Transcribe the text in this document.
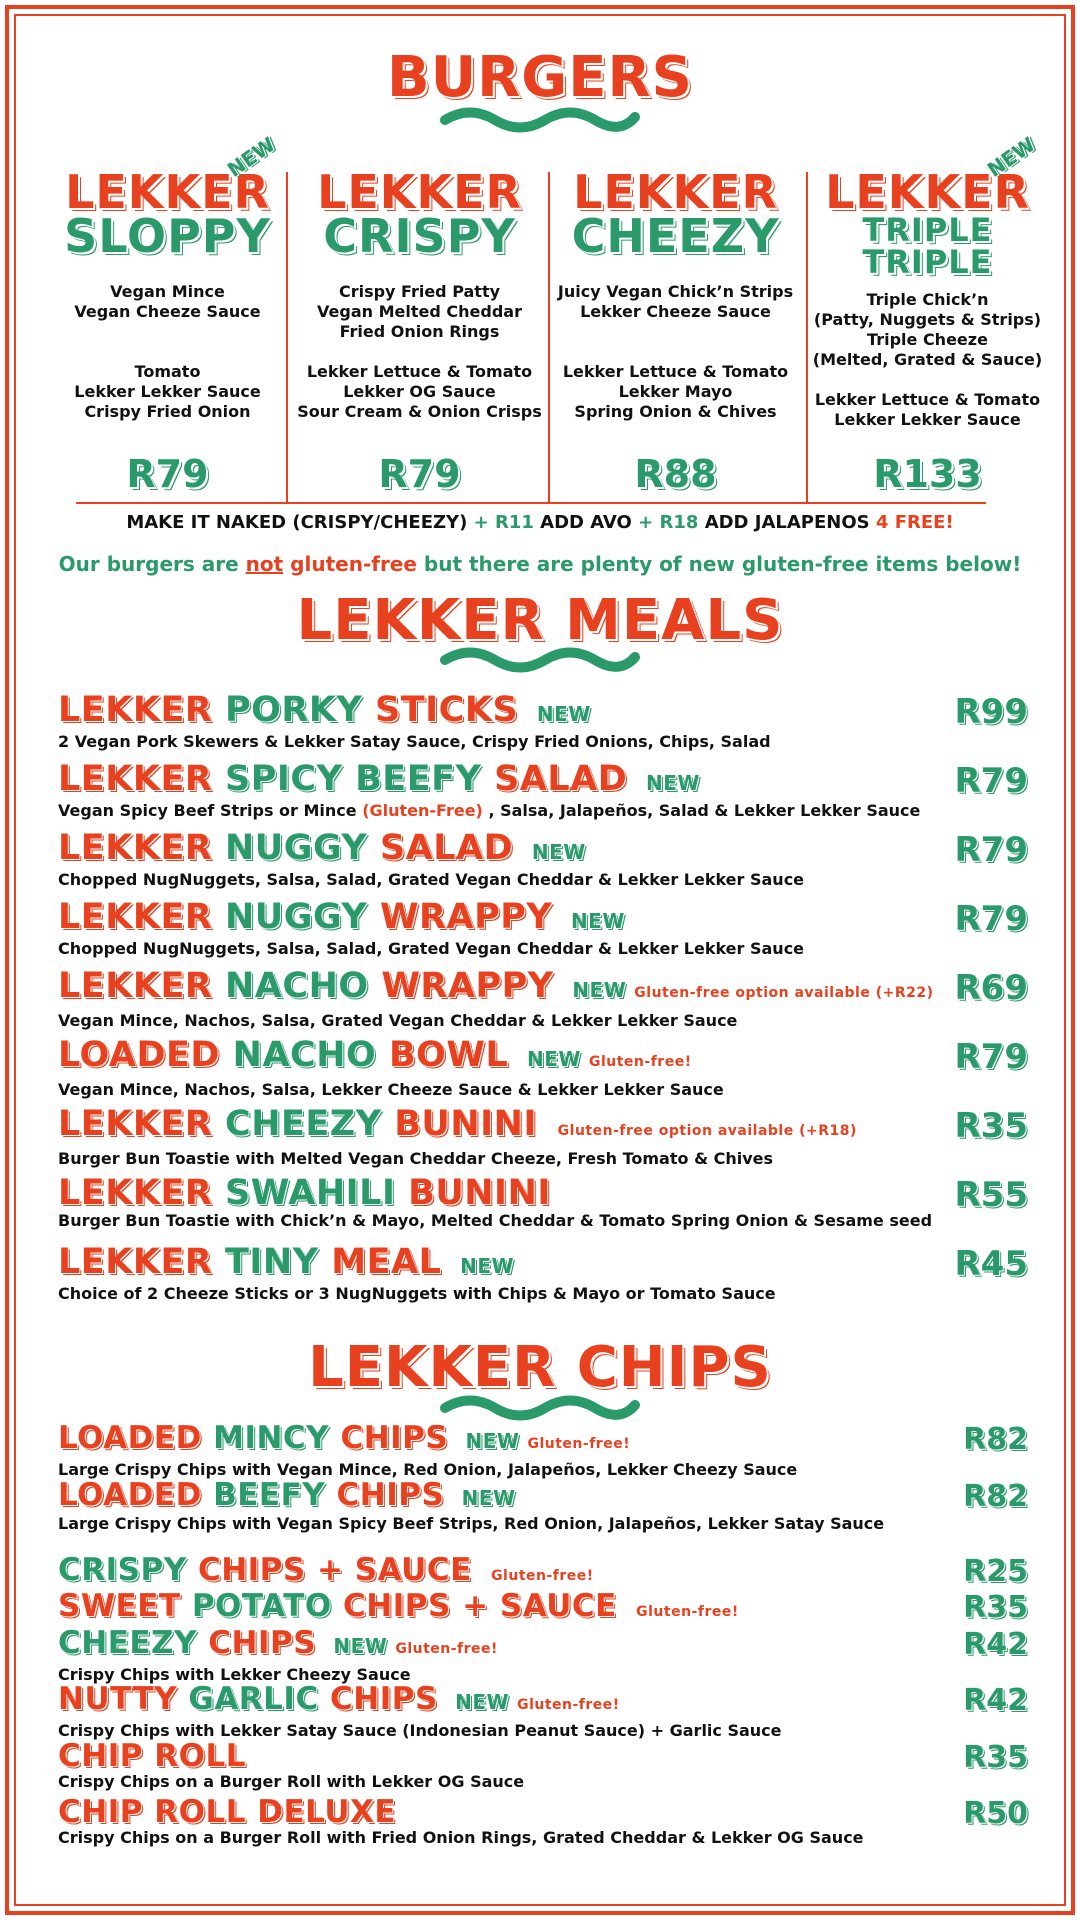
BURGERS
LEKKER
SLOPPY
Vegan Mince
Vegan Cheeze Sauce
Tomato
Lekker Lekker Sauce
Crispy Fried Onion
R79
NEW
LEKKER
CRISPY
Crispy Fried Patty
Vegan Melted Cheddar
Fried Onion Rings
Lekker Lettuce & Tomato
Lekker OG Sauce
Sour Cream & Onion Crisps
R79
LEKKER
CHEEZY
Juicy Vegan Chick’n Strips
Lekker Cheeze Sauce
Lekker Lettuce & Tomato
Lekker Mayo
Spring Onion & Chives
R88
LEKKER
TRIPLE
TRIPLE
Triple Chick’n
(Patty, Nuggets & Strips)
Triple Cheeze
(Melted, Grated & Sauce)
Lekker Lettuce & Tomato
Lekker Lekker Sauce
R133
NEW
MAKE IT NAKED (CRISPY/CHEEZY) + R11 ADD AVO + R18 ADD JALAPENOS 4 FREE!
Our burgers are not gluten-free but there are plenty of new gluten-free items below!
LEKKER MEALS
LEKKER PORKY STICKS NEW
2 Vegan Pork Skewers & Lekker Satay Sauce, Crispy Fried Onions, Chips, Salad
R99
LEKKER SPICY BEEFY SALAD NEW
Vegan Spicy Beef Strips or Mince (Gluten-Free) , Salsa, Jalapeños, Salad & Lekker Lekker Sauce
R79
LEKKER NUGGY SALAD NEW
Chopped NugNuggets, Salsa, Salad, Grated Vegan Cheddar & Lekker Lekker Sauce
R79
LEKKER NUGGY WRAPPY NEW
Chopped NugNuggets, Salsa, Salad, Grated Vegan Cheddar & Lekker Lekker Sauce
R79
LEKKER NACHO WRAPPY NEW Gluten-free option available (+R22)
Vegan Mince, Nachos, Salsa, Grated Vegan Cheddar & Lekker Lekker Sauce
R69
LOADED NACHO BOWL NEW Gluten-free!
Vegan Mince, Nachos, Salsa, Lekker Cheeze Sauce & Lekker Lekker Sauce
R79
LEKKER CHEEZY BUNINI Gluten-free option available (+R18)
Burger Bun Toastie with Melted Vegan Cheddar Cheeze, Fresh Tomato & Chives
R35
LEKKER SWAHILI BUNINI
Burger Bun Toastie with Chick’n & Mayo, Melted Cheddar & Tomato Spring Onion & Sesame seed
R55
LEKKER TINY MEAL NEW
Choice of 2 Cheeze Sticks or 3 NugNuggets with Chips & Mayo or Tomato Sauce
R45
LEKKER CHIPS
LOADED MINCY CHIPS NEW Gluten-free!
Large Crispy Chips with Vegan Mince, Red Onion, Jalapeños, Lekker Cheezy Sauce
R82
LOADED BEEFY CHIPS NEW
Large Crispy Chips with Vegan Spicy Beef Strips, Red Onion, Jalapeños, Lekker Satay Sauce
R82
CRISPY CHIPS + SAUCE Gluten-free!	R25
SWEET POTATO CHIPS + SAUCE Gluten-free!	R35
CHEEZY CHIPS NEW Gluten-free!
Crispy Chips with Lekker Cheezy Sauce
R42
NUTTY GARLIC CHIPS NEW Gluten-free!
Crispy Chips with Lekker Satay Sauce (Indonesian Peanut Sauce) + Garlic Sauce
R42
CHIP ROLL
Crispy Chips on a Burger Roll with Lekker OG Sauce
R35
CHIP ROLL DELUXE
Crispy Chips on a Burger Roll with Fried Onion Rings, Grated Cheddar & Lekker OG Sauce
R50
